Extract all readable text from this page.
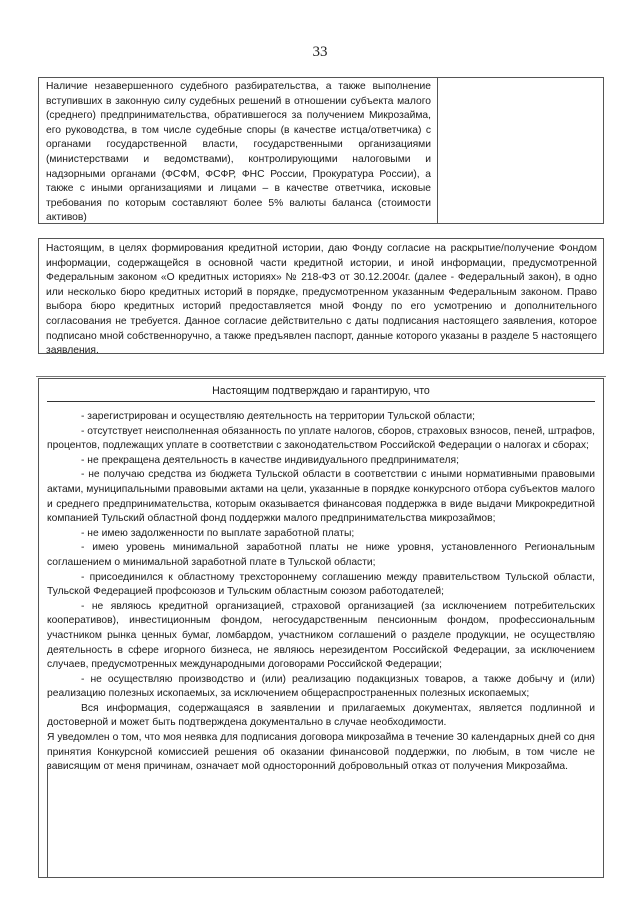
33

Наличие незавершенного судебного разбирательства, а также выполнение вступивших в законную силу судебных решений в отношении субъекта малого (среднего) предпринимательства, обратившегося за получением Микрозайма, его руководства, в том числе судебные споры (в качестве истца/ответчика) с органами государственной власти, государственными организациями (министерствами и ведомствами), контролирующими налоговыми и надзорными органами (ФСФМ, ФСФР, ФНС России, Прокуратура России), а также с иными организациями и лицами – в качестве ответчика, исковые требования по которым составляют более 5% валюты баланса (стоимости активов)

Настоящим, в целях формирования кредитной истории, даю Фонду согласие на раскрытие/получение Фондом информации, содержащейся в основной части кредитной истории, и иной информации, предусмотренной Федеральным законом «О кредитных историях» № 218-ФЗ от 30.12.2004г. (далее - Федеральный закон), в одно или несколько бюро кредитных историй в порядке, предусмотренном указанным Федеральным законом. Право выбора бюро кредитных историй предоставляется мной Фонду по его усмотрению и дополнительного согласования не требуется. Данное согласие действительно с даты подписания настоящего заявления, которое подписано мной собственноручно, а также предъявлен паспорт, данные которого указаны в разделе 5 настоящего заявления.

Настоящим подтверждаю и гарантирую, что

- зарегистрирован и осуществляю деятельность на территории Тульской области;

- отсутствует неисполненная обязанность по уплате налогов, сборов, страховых взносов, пеней, штрафов, процентов, подлежащих уплате в соответствии с законодательством Российской Федерации о налогах и сборах;

- не прекращена деятельность в качестве индивидуального предпринимателя;

- не получаю средства из бюджета Тульской области в соответствии с иными нормативными правовыми актами, муниципальными правовыми актами на цели, указанные в порядке конкурсного отбора субъектов малого и среднего предпринимательства, которым оказывается финансовая поддержка в виде выдачи Микрокредитной компанией Тульский областной фонд поддержки малого предпринимательства микрозаймов;

- не имею задолженности по выплате заработной платы;

- имею уровень минимальной заработной платы не ниже уровня, установленного Региональным соглашением о минимальной заработной плате в Тульской области;

- присоединился к областному трехстороннему соглашению между правительством Тульской области, Тульской Федерацией профсоюзов и Тульским областным союзом работодателей;

- не являюсь кредитной организацией, страховой организацией (за исключением потребительских кооперативов), инвестиционным фондом, негосударственным пенсионным фондом, профессиональным участником рынка ценных бумаг, ломбардом, участником соглашений о разделе продукции, не осуществляю деятельность в сфере игорного бизнеса, не являюсь нерезидентом Российской Федерации, за исключением случаев, предусмотренных международными договорами Российской Федерации;

- не осуществляю производство и (или) реализацию подакцизных товаров, а также добычу и (или) реализацию полезных ископаемых, за исключением общераспространенных полезных ископаемых;

Вся информация, содержащаяся в заявлении и прилагаемых документах, является подлинной и достоверной и может быть подтверждена документально в случае необходимости.

Я уведомлен о том, что моя неявка для подписания договора микрозайма в течение 30 календарных дней со дня принятия Конкурсной комиссией решения об оказании финансовой поддержки, по любым, в том числе не зависящим от меня причинам, означает мой односторонний добровольный отказ от получения Микрозайма.
